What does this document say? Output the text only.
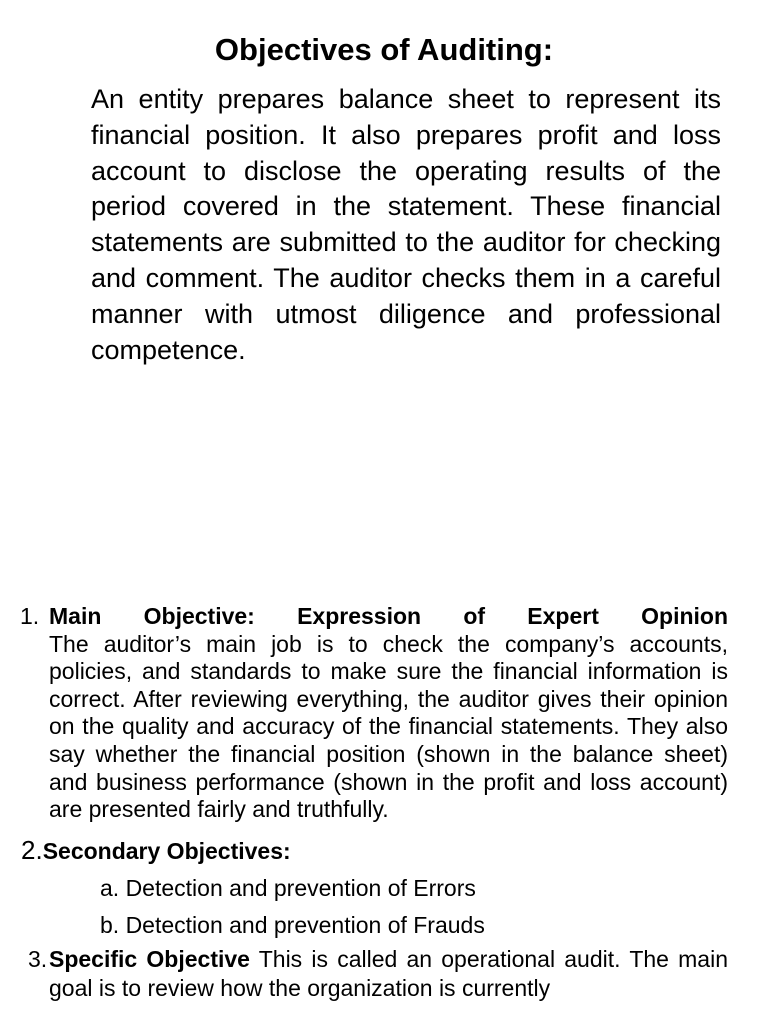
Objectives of Auditing:

An entity prepares balance sheet to represent its financial position. It also prepares profit and loss account to disclose the operating results of the period covered in the statement. These financial statements are submitted to the auditor for checking and comment. The auditor checks them in a careful manner with utmost diligence and professional competence.

1. Main Objective: Expression of Expert Opinion
The auditor’s main job is to check the company’s accounts, policies, and standards to make sure the financial information is correct. After reviewing everything, the auditor gives their opinion on the quality and accuracy of the financial statements. They also say whether the financial position (shown in the balance sheet) and business performance (shown in the profit and loss account) are presented fairly and truthfully.
2.Secondary Objectives:
a. Detection and prevention of Errors
b. Detection and prevention of Frauds
3. Specific Objective This is called an operational audit. The main goal is to review how the organization is currently
